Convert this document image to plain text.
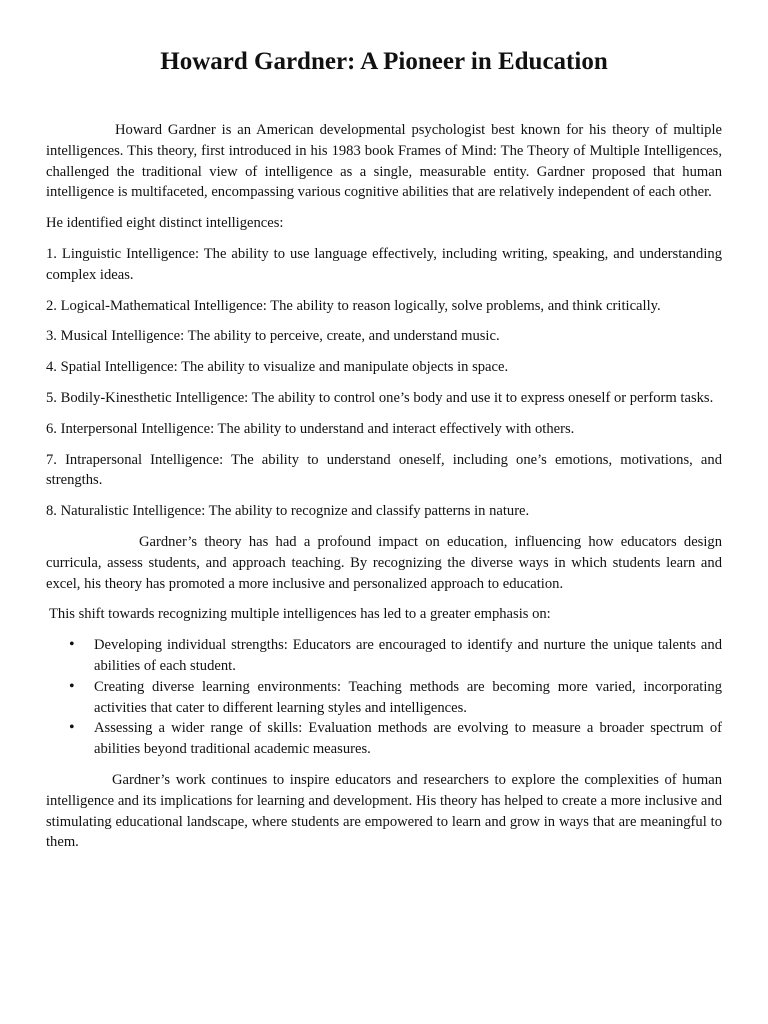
Howard Gardner: A Pioneer in Education

Howard Gardner is an American developmental psychologist best known for his theory of multiple intelligences. This theory, first introduced in his 1983 book Frames of Mind: The Theory of Multiple Intelligences, challenged the traditional view of intelligence as a single, measurable entity. Gardner proposed that human intelligence is multifaceted, encompassing various cognitive abilities that are relatively independent of each other.

He identified eight distinct intelligences:

1. Linguistic Intelligence: The ability to use language effectively, including writing, speaking, and understanding complex ideas.

2. Logical-Mathematical Intelligence: The ability to reason logically, solve problems, and think critically.

3. Musical Intelligence: The ability to perceive, create, and understand music.

4. Spatial Intelligence: The ability to visualize and manipulate objects in space.

5. Bodily-Kinesthetic Intelligence: The ability to control one’s body and use it to express oneself or perform tasks.

6. Interpersonal Intelligence: The ability to understand and interact effectively with others.

7. Intrapersonal Intelligence: The ability to understand oneself, including one’s emotions, motivations, and strengths.

8. Naturalistic Intelligence: The ability to recognize and classify patterns in nature.

Gardner’s theory has had a profound impact on education, influencing how educators design curricula, assess students, and approach teaching. By recognizing the diverse ways in which students learn and excel, his theory has promoted a more inclusive and personalized approach to education.

This shift towards recognizing multiple intelligences has led to a greater emphasis on:

• Developing individual strengths: Educators are encouraged to identify and nurture the unique talents and abilities of each student.
• Creating diverse learning environments: Teaching methods are becoming more varied, incorporating activities that cater to different learning styles and intelligences.
• Assessing a wider range of skills: Evaluation methods are evolving to measure a broader spectrum of abilities beyond traditional academic measures.

Gardner’s work continues to inspire educators and researchers to explore the complexities of human intelligence and its implications for learning and development. His theory has helped to create a more inclusive and stimulating educational landscape, where students are empowered to learn and grow in ways that are meaningful to them.
